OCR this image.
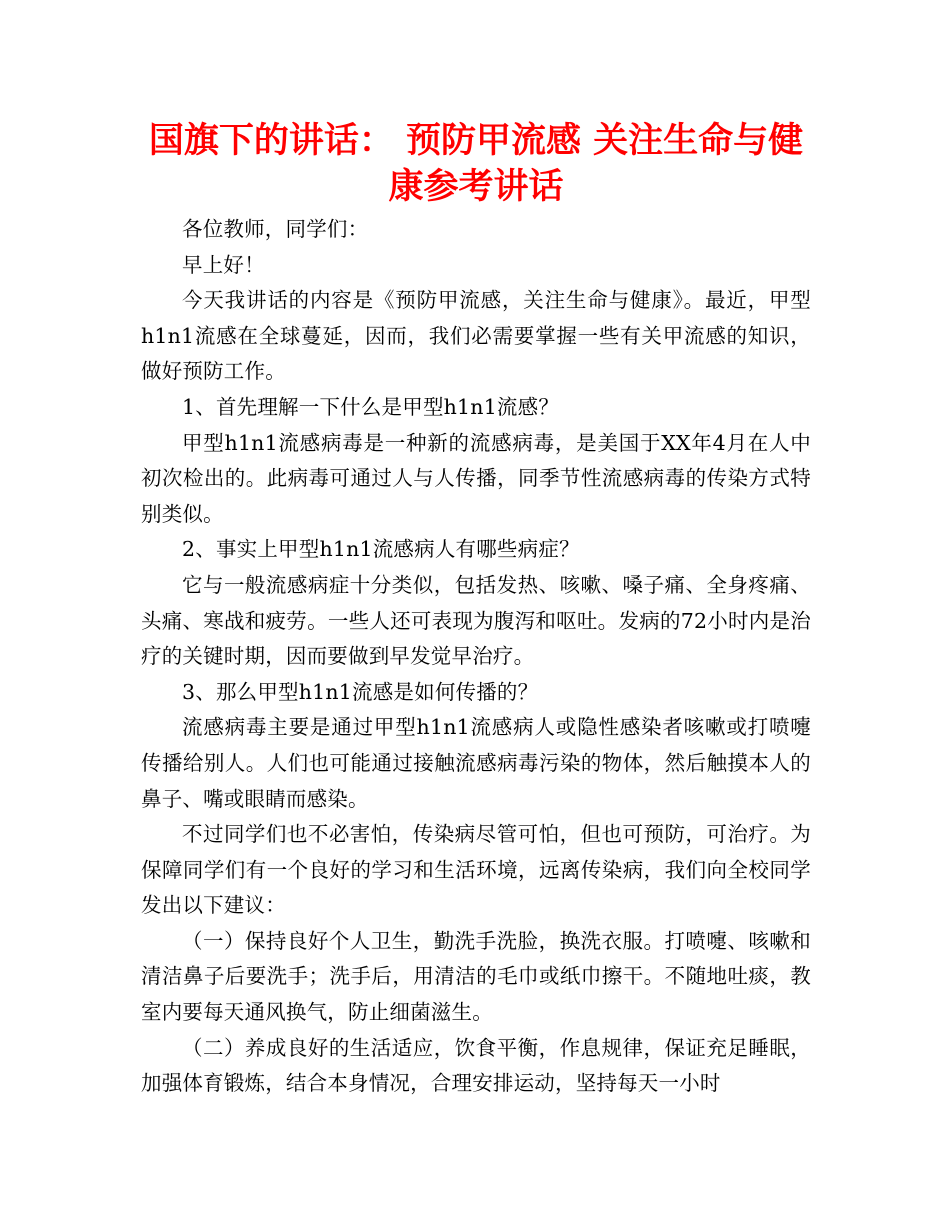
国旗下的讲话： 预防甲流感 关注生命与健康参考讲话

各位教师，同学们：

早上好！

今天我讲话的内容是《预防甲流感，关注生命与健康》。最近，甲型h1n1流感在全球蔓延，因而，我们必需要掌握一些有关甲流感的知识，做好预防工作。

1、首先理解一下什么是甲型h1n1流感？

甲型h1n1流感病毒是一种新的流感病毒，是美国于XX年4月在人中初次检出的。此病毒可通过人与人传播，同季节性流感病毒的传染方式特别类似。

2、事实上甲型h1n1流感病人有哪些病症？

它与一般流感病症十分类似，包括发热、咳嗽、嗓子痛、全身疼痛、头痛、寒战和疲劳。一些人还可表现为腹泻和呕吐。发病的72小时内是治疗的关键时期，因而要做到早发觉早治疗。

3、那么甲型h1n1流感是如何传播的？

流感病毒主要是通过甲型h1n1流感病人或隐性感染者咳嗽或打喷嚏传播给别人。人们也可能通过接触流感病毒污染的物体，然后触摸本人的鼻子、嘴或眼睛而感染。

不过同学们也不必害怕，传染病尽管可怕，但也可预防，可治疗。为保障同学们有一个良好的学习和生活环境，远离传染病，我们向全校同学发出以下建议：

（一）保持良好个人卫生，勤洗手洗脸，换洗衣服。打喷嚏、咳嗽和清洁鼻子后要洗手；洗手后，用清洁的毛巾或纸巾擦干。不随地吐痰，教室内要每天通风换气，防止细菌滋生。

（二）养成良好的生活适应，饮食平衡，作息规律，保证充足睡眠，加强体育锻炼，结合本身情况，合理安排运动，坚持每天一小时
